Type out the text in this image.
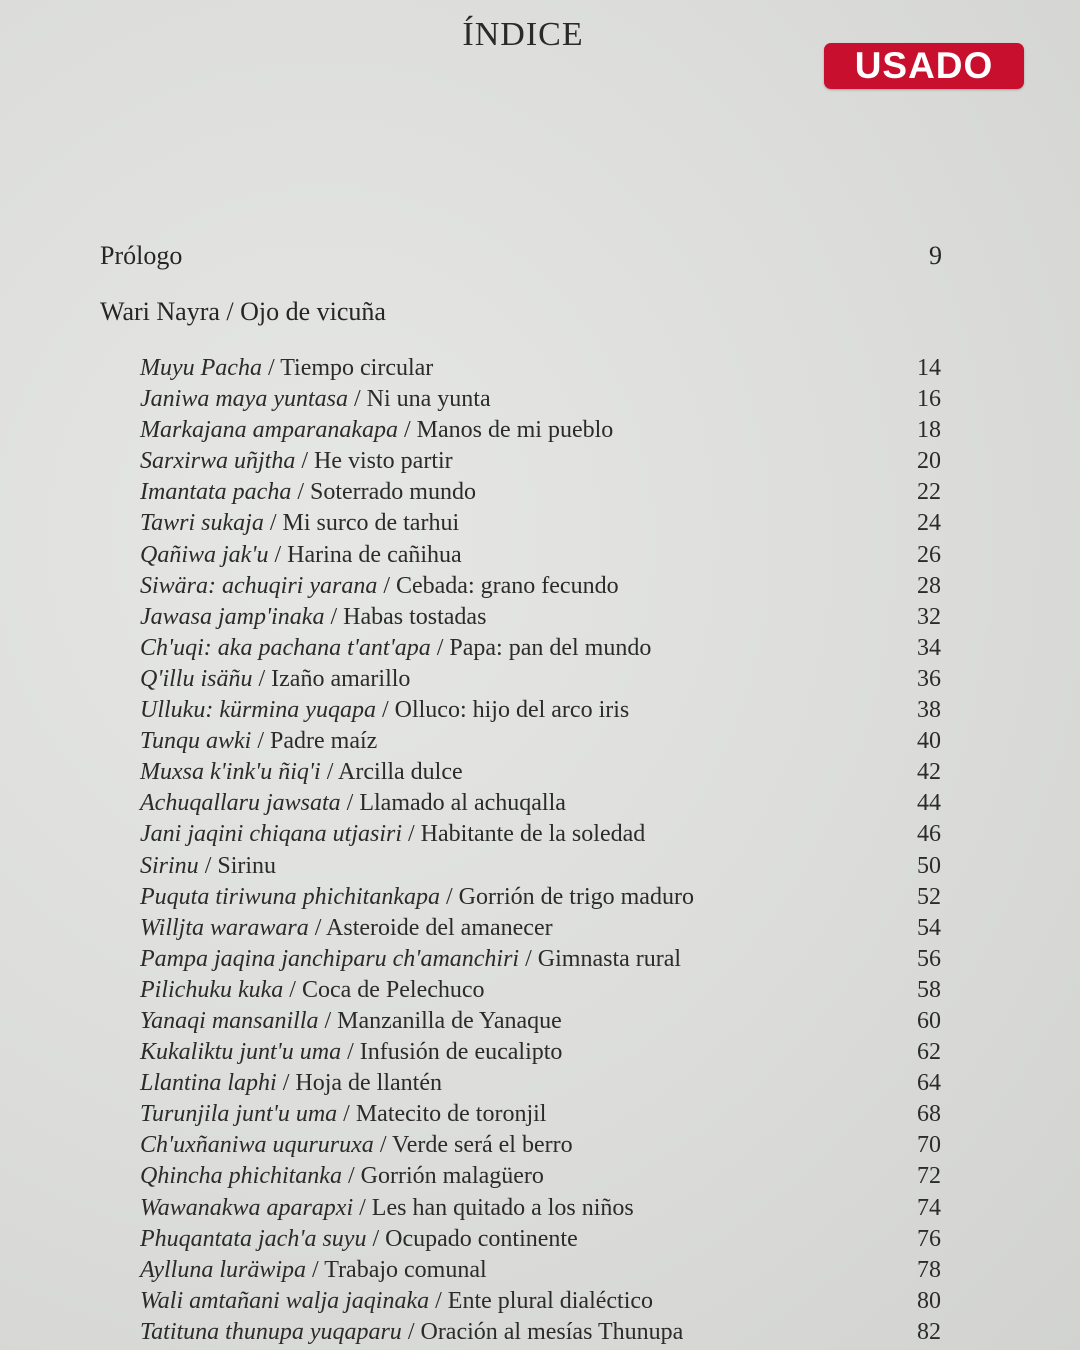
ÍNDICE
USADO
Prólogo	9
Wari Nayra / Ojo de vicuña
Muyu Pacha / Tiempo circular	14
Janiwa maya yuntasa / Ni una yunta	16
Markajana amparanakapa / Manos de mi pueblo	18
Sarxirwa uñjtha / He visto partir	20
Imantata pacha / Soterrado mundo	22
Tawri sukaja / Mi surco de tarhui	24
Qañiwa jak'u / Harina de cañihua	26
Siwära: achuqiri yarana / Cebada: grano fecundo	28
Jawasa jamp'inaka / Habas tostadas	32
Ch'uqi: aka pachana t'ant'apa / Papa: pan del mundo	34
Q'illu isäñu / Izaño amarillo	36
Ulluku: kürmina yuqapa / Olluco: hijo del arco iris	38
Tunqu awki / Padre maíz	40
Muxsa k'ink'u ñiq'i / Arcilla dulce	42
Achuqallaru jawsata / Llamado al achuqalla	44
Jani jaqini chiqana utjasiri / Habitante de la soledad	46
Sirinu / Sirinu	50
Puquta tiriwuna phichitankapa / Gorrión de trigo maduro	52
Willjta warawara / Asteroide del amanecer	54
Pampa jaqina janchiparu ch'amanchiri / Gimnasta rural	56
Pilichuku kuka / Coca de Pelechuco	58
Yanaqi mansanilla / Manzanilla de Yanaque	60
Kukaliktu junt'u uma / Infusión de eucalipto	62
Llantina laphi / Hoja de llantén	64
Turunjila junt'u uma / Matecito de toronjil	68
Ch'uxñaniwa uqururuxa / Verde será el berro	70
Qhincha phichitanka / Gorrión malagüero	72
Wawanakwa aparapxi / Les han quitado a los niños	74
Phuqantata jach'a suyu / Ocupado continente	76
Aylluna luräwipa / Trabajo comunal	78
Wali amtañani walja jaqinaka / Ente plural dialéctico	80
Tatituna thunupa yuqaparu / Oración al mesías Thunupa	82
